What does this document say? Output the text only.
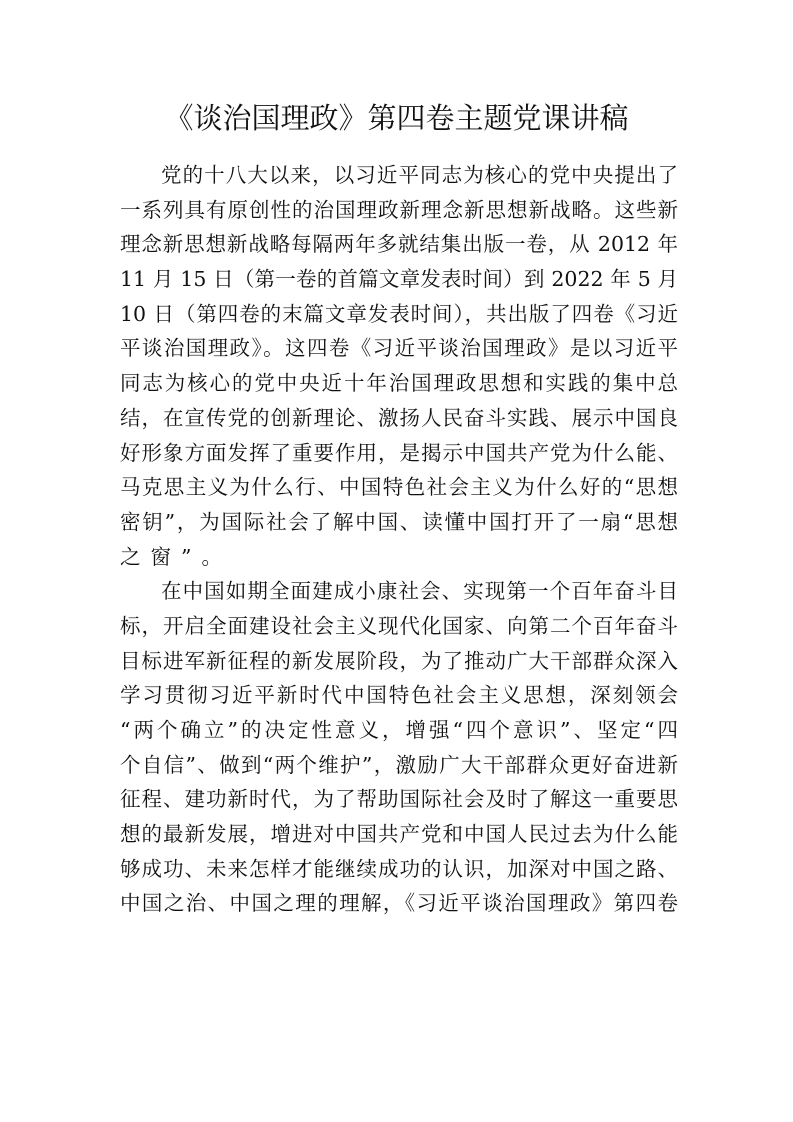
《谈治国理政》第四卷主题党课讲稿
党的十八大以来，以习近平同志为核心的党中央提出了
一系列具有原创性的治国理政新理念新思想新战略。这些新
理念新思想新战略每隔两年多就结集出版一卷，从 2012 年
11 月 15 日（第一卷的首篇文章发表时间）到 2022 年 5 月
10 日（第四卷的末篇文章发表时间），共出版了四卷《习近
平谈治国理政》。这四卷《习近平谈治国理政》是以习近平
同志为核心的党中央近十年治国理政思想和实践的集中总
结，在宣传党的创新理论、激扬人民奋斗实践、展示中国良
好形象方面发挥了重要作用，是揭示中国共产党为什么能、
马克思主义为什么行、中国特色社会主义为什么好的“思想
密钥”，为国际社会了解中国、读懂中国打开了一扇“思想
之窗”。
在中国如期全面建成小康社会、实现第一个百年奋斗目
标，开启全面建设社会主义现代化国家、向第二个百年奋斗
目标进军新征程的新发展阶段，为了推动广大干部群众深入
学习贯彻习近平新时代中国特色社会主义思想，深刻领会
“两个确立”的决定性意义，增强“四个意识”、坚定“四
个自信”、做到“两个维护”，激励广大干部群众更好奋进新
征程、建功新时代，为了帮助国际社会及时了解这一重要思
想的最新发展，增进对中国共产党和中国人民过去为什么能
够成功、未来怎样才能继续成功的认识，加深对中国之路、
中国之治、中国之理的理解，《习近平谈治国理政》第四卷
